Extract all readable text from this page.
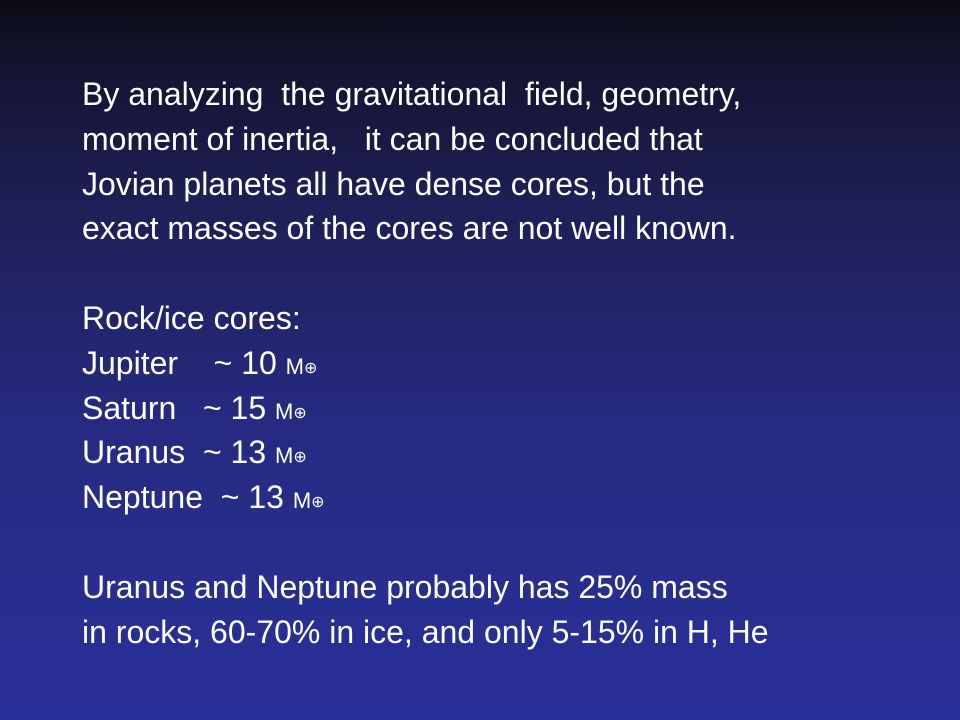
By analyzing  the gravitational  field, geometry,
moment of inertia,   it can be concluded that
Jovian planets all have dense cores, but the
exact masses of the cores are not well known.
Rock/ice cores:
Jupiter    ~ 10 M⊕
Saturn   ~ 15 M⊕
Uranus  ~ 13 M⊕
Neptune  ~ 13 M⊕
Uranus and Neptune probably has 25% mass
in rocks, 60-70% in ice, and only 5-15% in H, He
